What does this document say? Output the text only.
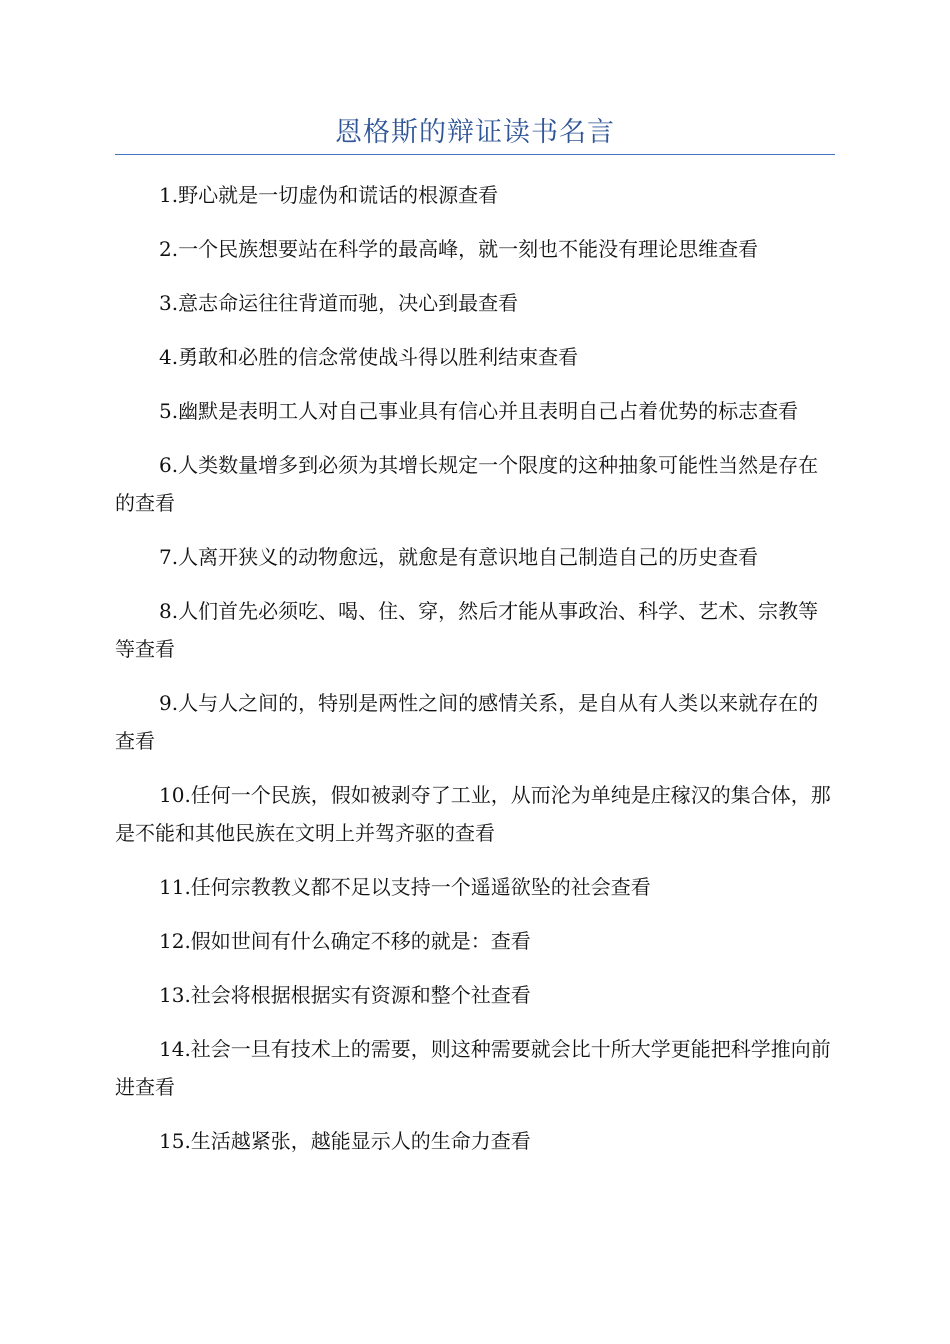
恩格斯的辩证读书名言

1.野心就是一切虚伪和谎话的根源查看

2.一个民族想要站在科学的最高峰，就一刻也不能没有理论思维查看

3.意志命运往往背道而驰，决心到最查看

4.勇敢和必胜的信念常使战斗得以胜利结束查看

5.幽默是表明工人对自己事业具有信心并且表明自己占着优势的标志查看

6.人类数量增多到必须为其增长规定一个限度的这种抽象可能性当然是存在的查看

7.人离开狭义的动物愈远，就愈是有意识地自己制造自己的历史查看

8.人们首先必须吃、喝、住、穿，然后才能从事政治、科学、艺术、宗教等等查看

9.人与人之间的，特别是两性之间的感情关系，是自从有人类以来就存在的查看

10.任何一个民族，假如被剥夺了工业，从而沦为单纯是庄稼汉的集合体，那是不能和其他民族在文明上并驾齐驱的查看

11.任何宗教教义都不足以支持一个遥遥欲坠的社会查看

12.假如世间有什么确定不移的就是：查看

13.社会将根据根据实有资源和整个社查看

14.社会一旦有技术上的需要，则这种需要就会比十所大学更能把科学推向前进查看

15.生活越紧张，越能显示人的生命力查看
